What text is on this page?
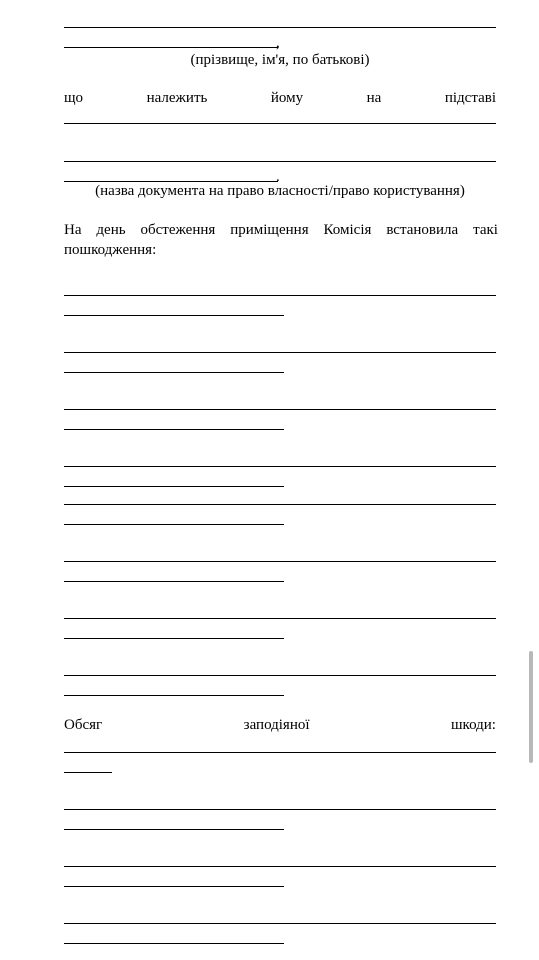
,
(прізвище, ім'я, по батькові)
що	належить	йому	на	підставі
.
(назва документа на право власності/право користування)
На день обстеження приміщення Комісія встановила такі
пошкодження:
Обсяг	заподіяної	шкоди:
